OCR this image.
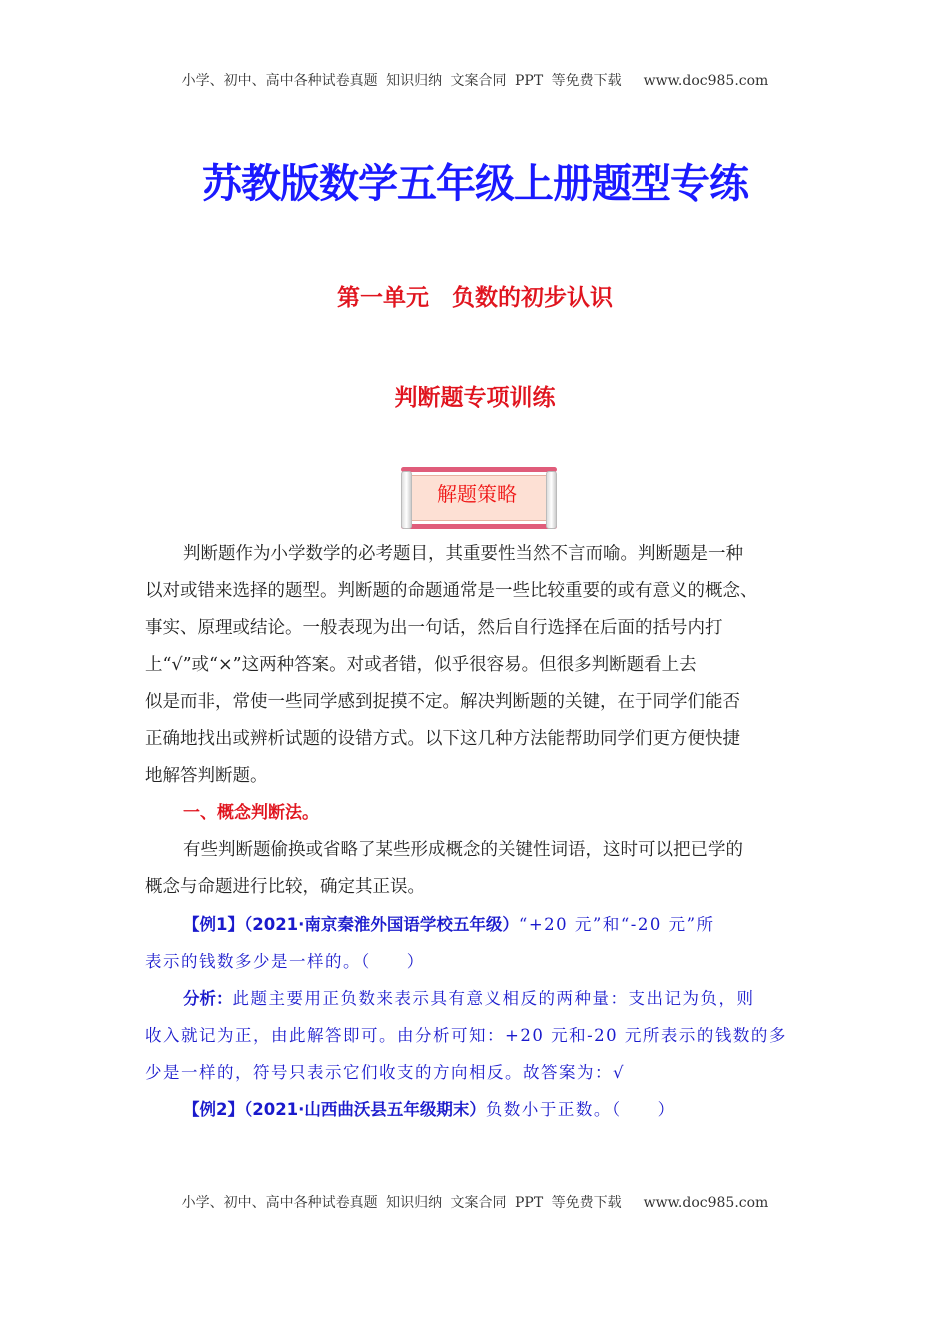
小学、初中、高中各种试卷真题 知识归纳 文案合同 PPT 等免费下载 www.doc985.com
苏教版数学五年级上册题型专练
第一单元　负数的初步认识
判断题专项训练
解题策略
判断题作为小学数学的必考题目，其重要性当然不言而喻。判断题是一种
以对或错来选择的题型。判断题的命题通常是一些比较重要的或有意义的概念、
事实、原理或结论。一般表现为出一句话，然后自行选择在后面的括号内打
上“√”或“×”这两种答案。对或者错，似乎很容易。但很多判断题看上去
似是而非，常使一些同学感到捉摸不定。解决判断题的关键，在于同学们能否
正确地找出或辨析试题的设错方式。以下这几种方法能帮助同学们更方便快捷
地解答判断题。
一、概念判断法。
有些判断题偷换或省略了某些形成概念的关键性词语，这时可以把已学的
概念与命题进行比较，确定其正误。
【例1】（2021·南京秦淮外国语学校五年级）“+20 元”和“-20 元”所
表示的钱数多少是一样的。（　　）
分析：此题主要用正负数来表示具有意义相反的两种量：支出记为负，则
收入就记为正，由此解答即可。由分析可知：+20 元和-20 元所表示的钱数的多
少是一样的，符号只表示它们收支的方向相反。故答案为：√
【例2】（2021·山西曲沃县五年级期末）负数小于正数。（　　）
小学、初中、高中各种试卷真题 知识归纳 文案合同 PPT 等免费下载 www.doc985.com
